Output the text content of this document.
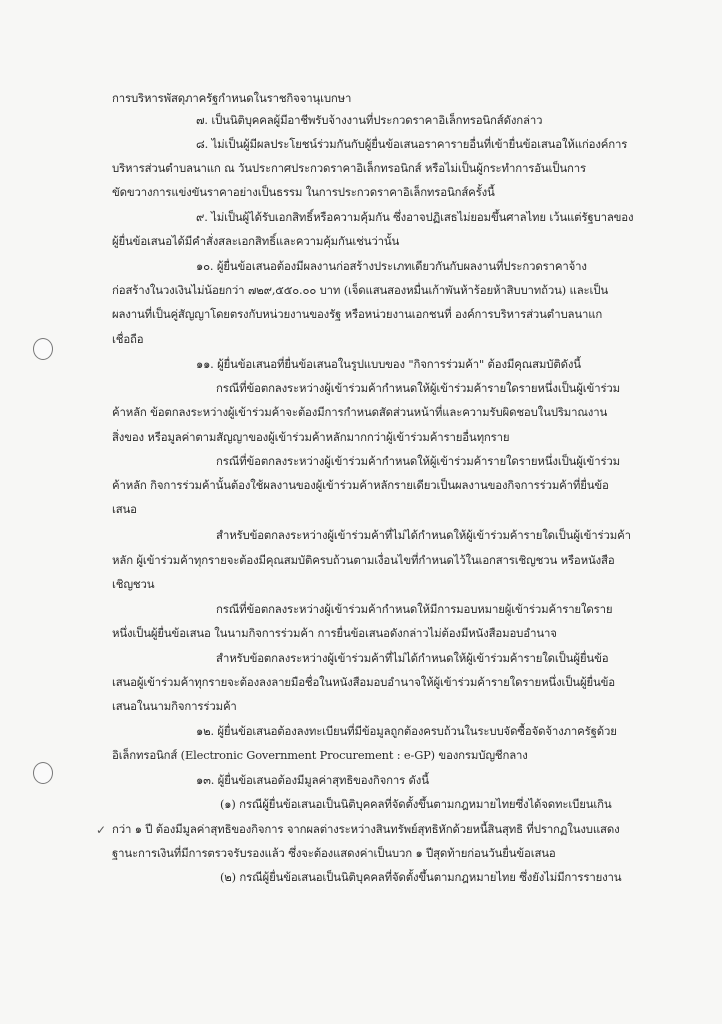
✓
การบริหารพัสดุภาครัฐกำหนดในราชกิจจานุเบกษา
๗. เป็นนิติบุคคลผู้มีอาชีพรับจ้างงานที่ประกวดราคาอิเล็กทรอนิกส์ดังกล่าว
๘. ไม่เป็นผู้มีผลประโยชน์ร่วมกันกับผู้ยื่นข้อเสนอราคารายอื่นที่เข้ายื่นข้อเสนอให้แก่องค์การ
บริหารส่วนตำบลนาแก ณ วันประกาศประกวดราคาอิเล็กทรอนิกส์ หรือไม่เป็นผู้กระทำการอันเป็นการ
ขัดขวางการแข่งขันราคาอย่างเป็นธรรม ในการประกวดราคาอิเล็กทรอนิกส์ครั้งนี้
๙. ไม่เป็นผู้ได้รับเอกสิทธิ์หรือความคุ้มกัน ซึ่งอาจปฏิเสธไม่ยอมขึ้นศาลไทย เว้นแต่รัฐบาลของ
ผู้ยื่นข้อเสนอได้มีคำสั่งสละเอกสิทธิ์และความคุ้มกันเช่นว่านั้น
๑๐. ผู้ยื่นข้อเสนอต้องมีผลงานก่อสร้างประเภทเดียวกันกับผลงานที่ประกวดราคาจ้าง
ก่อสร้างในวงเงินไม่น้อยกว่า ๗๒๙,๕๕๐.๐๐ บาท (เจ็ดแสนสองหมื่นเก้าพันห้าร้อยห้าสิบบาทถ้วน) และเป็น
ผลงานที่เป็นคู่สัญญาโดยตรงกับหน่วยงานของรัฐ หรือหน่วยงานเอกชนที่ องค์การบริหารส่วนตำบลนาแก
เชื่อถือ
๑๑. ผู้ยื่นข้อเสนอที่ยื่นข้อเสนอในรูปแบบของ "กิจการร่วมค้า" ต้องมีคุณสมบัติดังนี้
กรณีที่ข้อตกลงระหว่างผู้เข้าร่วมค้ากำหนดให้ผู้เข้าร่วมค้ารายใดรายหนึ่งเป็นผู้เข้าร่วม
ค้าหลัก ข้อตกลงระหว่างผู้เข้าร่วมค้าจะต้องมีการกำหนดสัดส่วนหน้าที่และความรับผิดชอบในปริมาณงาน
สิ่งของ หรือมูลค่าตามสัญญาของผู้เข้าร่วมค้าหลักมากกว่าผู้เข้าร่วมค้ารายอื่นทุกราย
กรณีที่ข้อตกลงระหว่างผู้เข้าร่วมค้ากำหนดให้ผู้เข้าร่วมค้ารายใดรายหนึ่งเป็นผู้เข้าร่วม
ค้าหลัก กิจการร่วมค้านั้นต้องใช้ผลงานของผู้เข้าร่วมค้าหลักรายเดียวเป็นผลงานของกิจการร่วมค้าที่ยื่นข้อ
เสนอ
สำหรับข้อตกลงระหว่างผู้เข้าร่วมค้าที่ไม่ได้กำหนดให้ผู้เข้าร่วมค้ารายใดเป็นผู้เข้าร่วมค้า
หลัก ผู้เข้าร่วมค้าทุกรายจะต้องมีคุณสมบัติครบถ้วนตามเงื่อนไขที่กำหนดไว้ในเอกสารเชิญชวน หรือหนังสือ
เชิญชวน
กรณีที่ข้อตกลงระหว่างผู้เข้าร่วมค้ากำหนดให้มีการมอบหมายผู้เข้าร่วมค้ารายใดราย
หนึ่งเป็นผู้ยื่นข้อเสนอ ในนามกิจการร่วมค้า การยื่นข้อเสนอดังกล่าวไม่ต้องมีหนังสือมอบอำนาจ
สำหรับข้อตกลงระหว่างผู้เข้าร่วมค้าที่ไม่ได้กำหนดให้ผู้เข้าร่วมค้ารายใดเป็นผู้ยื่นข้อ
เสนอผู้เข้าร่วมค้าทุกรายจะต้องลงลายมือชื่อในหนังสือมอบอำนาจให้ผู้เข้าร่วมค้ารายใดรายหนึ่งเป็นผู้ยื่นข้อ
เสนอในนามกิจการร่วมค้า
๑๒. ผู้ยื่นข้อเสนอต้องลงทะเบียนที่มีข้อมูลถูกต้องครบถ้วนในระบบจัดซื้อจัดจ้างภาครัฐด้วย
อิเล็กทรอนิกส์ (Electronic Government Procurement : e-GP) ของกรมบัญชีกลาง
๑๓. ผู้ยื่นข้อเสนอต้องมีมูลค่าสุทธิของกิจการ ดังนี้
(๑) กรณีผู้ยื่นข้อเสนอเป็นนิติบุคคลที่จัดตั้งขึ้นตามกฎหมายไทยซึ่งได้จดทะเบียนเกิน
กว่า ๑ ปี ต้องมีมูลค่าสุทธิของกิจการ จากผลต่างระหว่างสินทรัพย์สุทธิหักด้วยหนี้สินสุทธิ ที่ปรากฏในงบแสดง
ฐานะการเงินที่มีการตรวจรับรองแล้ว ซึ่งจะต้องแสดงค่าเป็นบวก ๑ ปีสุดท้ายก่อนวันยื่นข้อเสนอ
(๒) กรณีผู้ยื่นข้อเสนอเป็นนิติบุคคลที่จัดตั้งขึ้นตามกฎหมายไทย ซึ่งยังไม่มีการรายงาน
